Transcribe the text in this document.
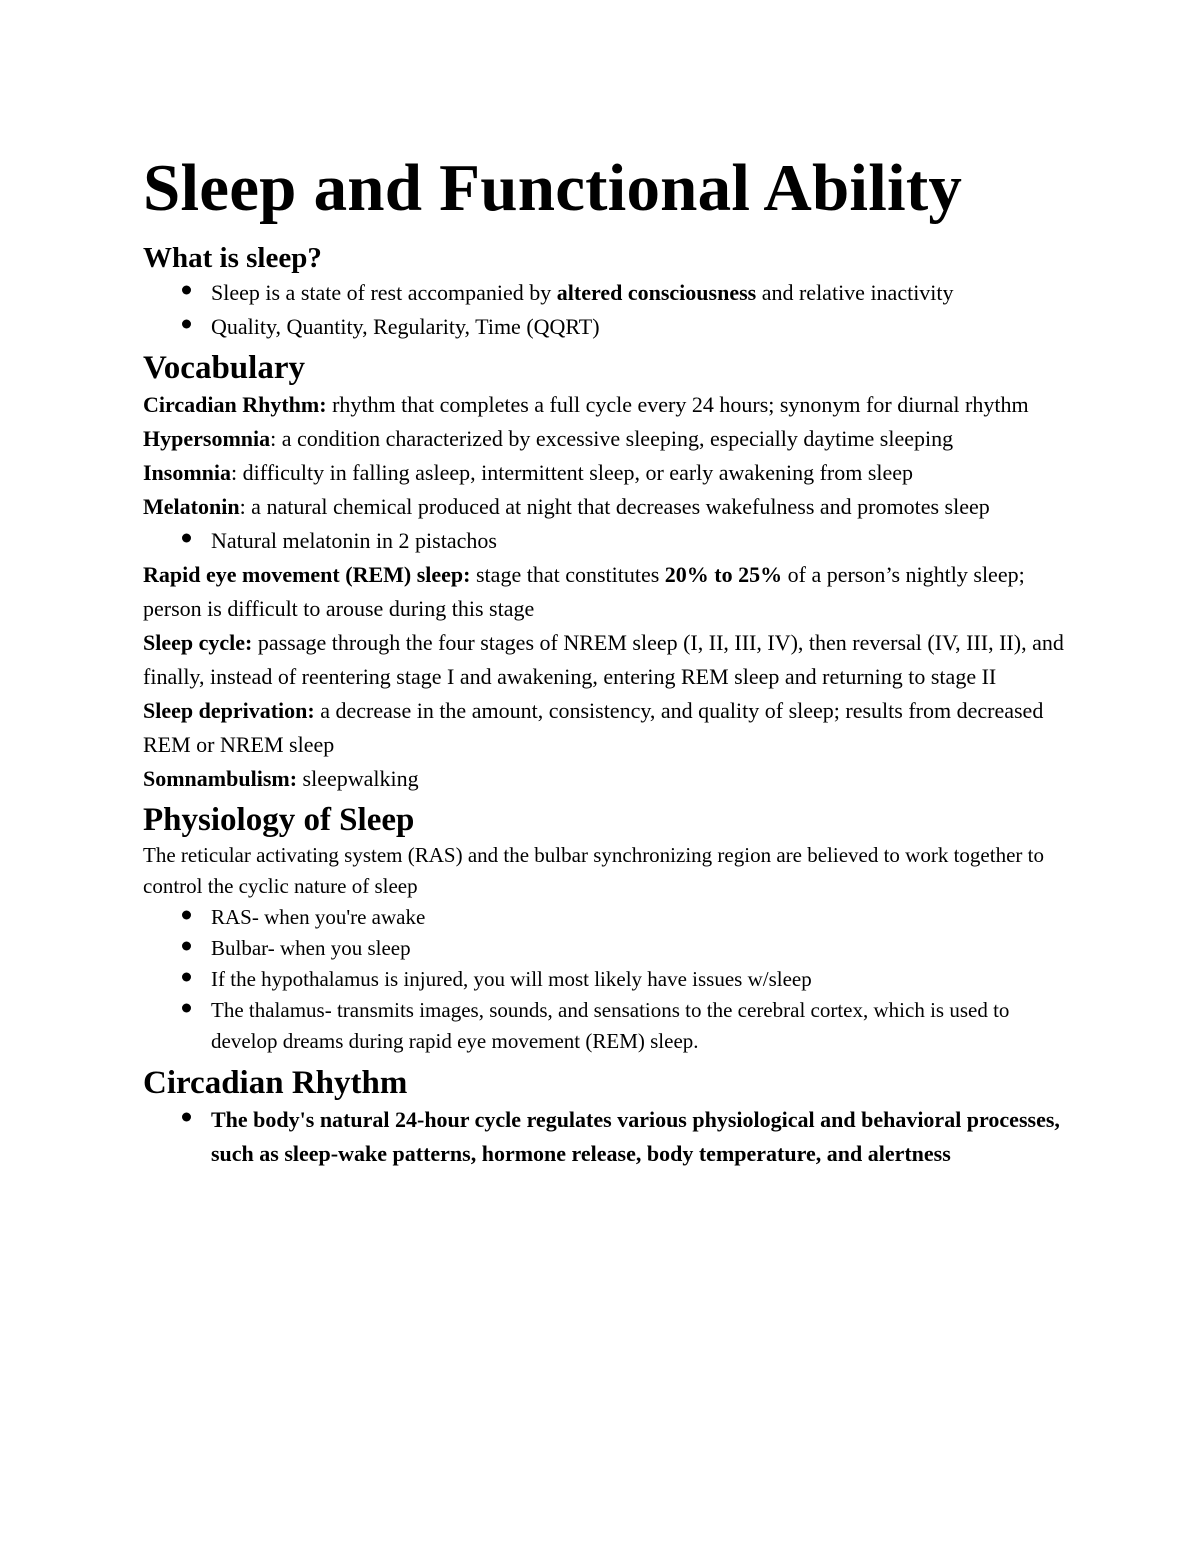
Sleep and Functional Ability
What is sleep?
Sleep is a state of rest accompanied by altered consciousness and relative inactivity
Quality, Quantity, Regularity, Time (QQRT)
Vocabulary

Circadian Rhythm: rhythm that completes a full cycle every 24 hours; synonym for diurnal rhythm

Hypersomnia: a condition characterized by excessive sleeping, especially daytime sleeping

Insomnia: difficulty in falling asleep, intermittent sleep, or early awakening from sleep

Melatonin: a natural chemical produced at night that decreases wakefulness and promotes sleep

Natural melatonin in 2 pistachos

Rapid eye movement (REM) sleep: stage that constitutes 20% to 25% of a person’s nightly sleep; person is difficult to arouse during this stage

Sleep cycle: passage through the four stages of NREM sleep (I, II, III, IV), then reversal (IV, III, II), and finally, instead of reentering stage I and awakening, entering REM sleep and returning to stage II

Sleep deprivation: a decrease in the amount, consistency, and quality of sleep; results from decreased REM or NREM sleep

Somnambulism: sleepwalking

Physiology of Sleep

The reticular activating system (RAS) and the bulbar synchronizing region are believed to work together to control the cyclic nature of sleep

RAS- when you're awake
Bulbar- when you sleep
If the hypothalamus is injured, you will most likely have issues w/sleep
The thalamus- transmits images, sounds, and sensations to the cerebral cortex, which is used to develop dreams during rapid eye movement (REM) sleep.
Circadian Rhythm
The body's natural 24-hour cycle regulates various physiological and behavioral processes, such as sleep-wake patterns, hormone release, body temperature, and alertness
